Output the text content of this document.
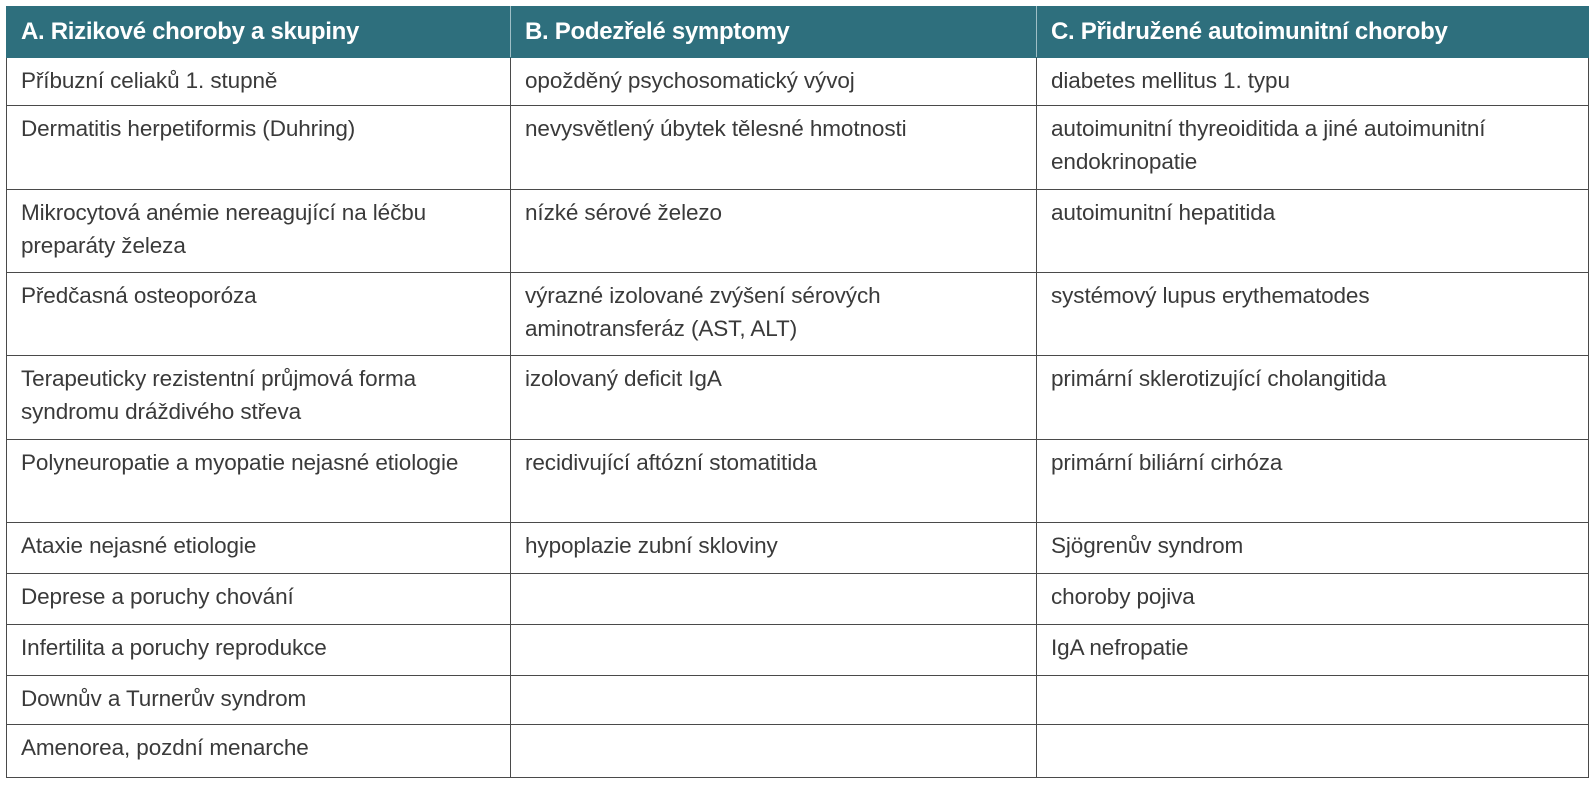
A. Rizikové choroby a skupiny	B. Podezřelé symptomy	C. Přidružené autoimunitní choroby
Příbuzní celiaků 1. stupně	opožděný psychosomatický vývoj	diabetes mellitus 1. typu
Dermatitis herpetiformis (Duhring)	nevysvětlený úbytek tělesné hmotnosti	autoimunitní thyreoiditida a jiné autoimunitní endokrinopatie
Mikrocytová anémie nereagující na léčbu preparáty železa	nízké sérové železo	autoimunitní hepatitida
Předčasná osteoporóza	výrazné izolované zvýšení sérových aminotransferáz (AST, ALT)	systémový lupus erythematodes
Terapeuticky rezistentní průjmová forma syndromu dráždivého střeva	izolovaný deficit IgA	primární sklerotizující cholangitida
Polyneuropatie a myopatie nejasné etiologie	recidivující aftózní stomatitida	primární biliární cirhóza
Ataxie nejasné etiologie	hypoplazie zubní skloviny	Sjögrenův syndrom
Deprese a poruchy chování		choroby pojiva
Infertilita a poruchy reprodukce		IgA nefropatie
Downův a Turnerův syndrom		
Amenorea, pozdní menarche		
